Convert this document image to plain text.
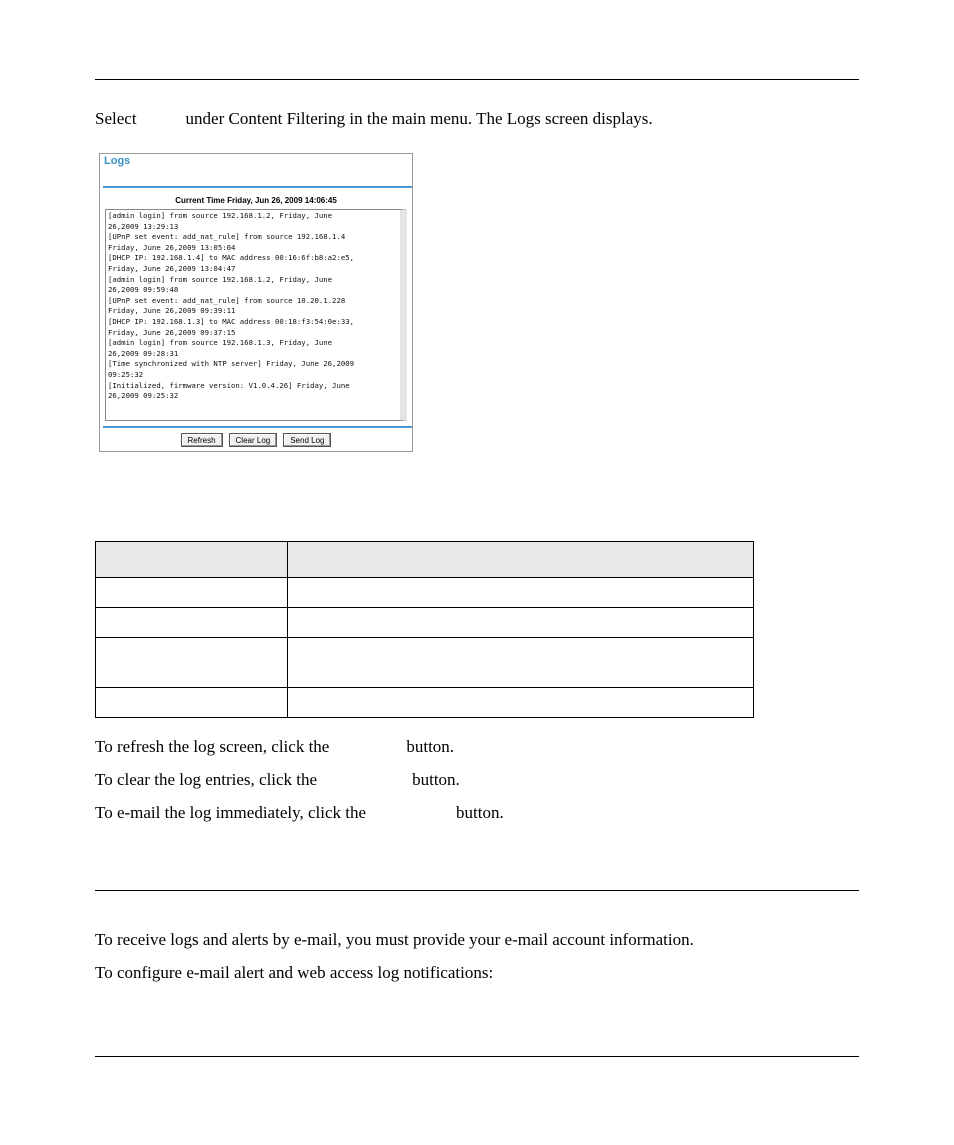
Select	under Content Filtering in the main menu. The Logs screen displays.
Logs
Current Time Friday, Jun 26, 2009 14:06:45
[admin login] from source 192.168.1.2, Friday, June
26,2009 13:29:13
[UPnP set event: add_nat_rule] from source 192.168.1.4
Friday, June 26,2009 13:05:04
[DHCP IP: 192.168.1.4] to MAC address 00:16:6f:b8:a2:e5,
Friday, June 26,2009 13:04:47
[admin login] from source 192.168.1.2, Friday, June
26,2009 09:59:48
[UPnP set event: add_nat_rule] from source 10.20.1.228
Friday, June 26,2009 09:39:11
[DHCP IP: 192.168.1.3] to MAC address 00:18:f3:54:0e:33,
Friday, June 26,2009 09:37:15
[admin login] from source 192.168.1.3, Friday, June
26,2009 09:28:31
[Time synchronized with NTP server] Friday, June 26,2009
09:25:32
[Initialized, firmware version: V1.0.4.26] Friday, June
26,2009 09:25:32
Refresh	Clear Log	Send Log

To refresh the log screen, click the	button.
To clear the log entries, click the	button.
To e-mail the log immediately, click the	button.
To receive logs and alerts by e-mail, you must provide your e-mail account information.
To configure e-mail alert and web access log notifications:
